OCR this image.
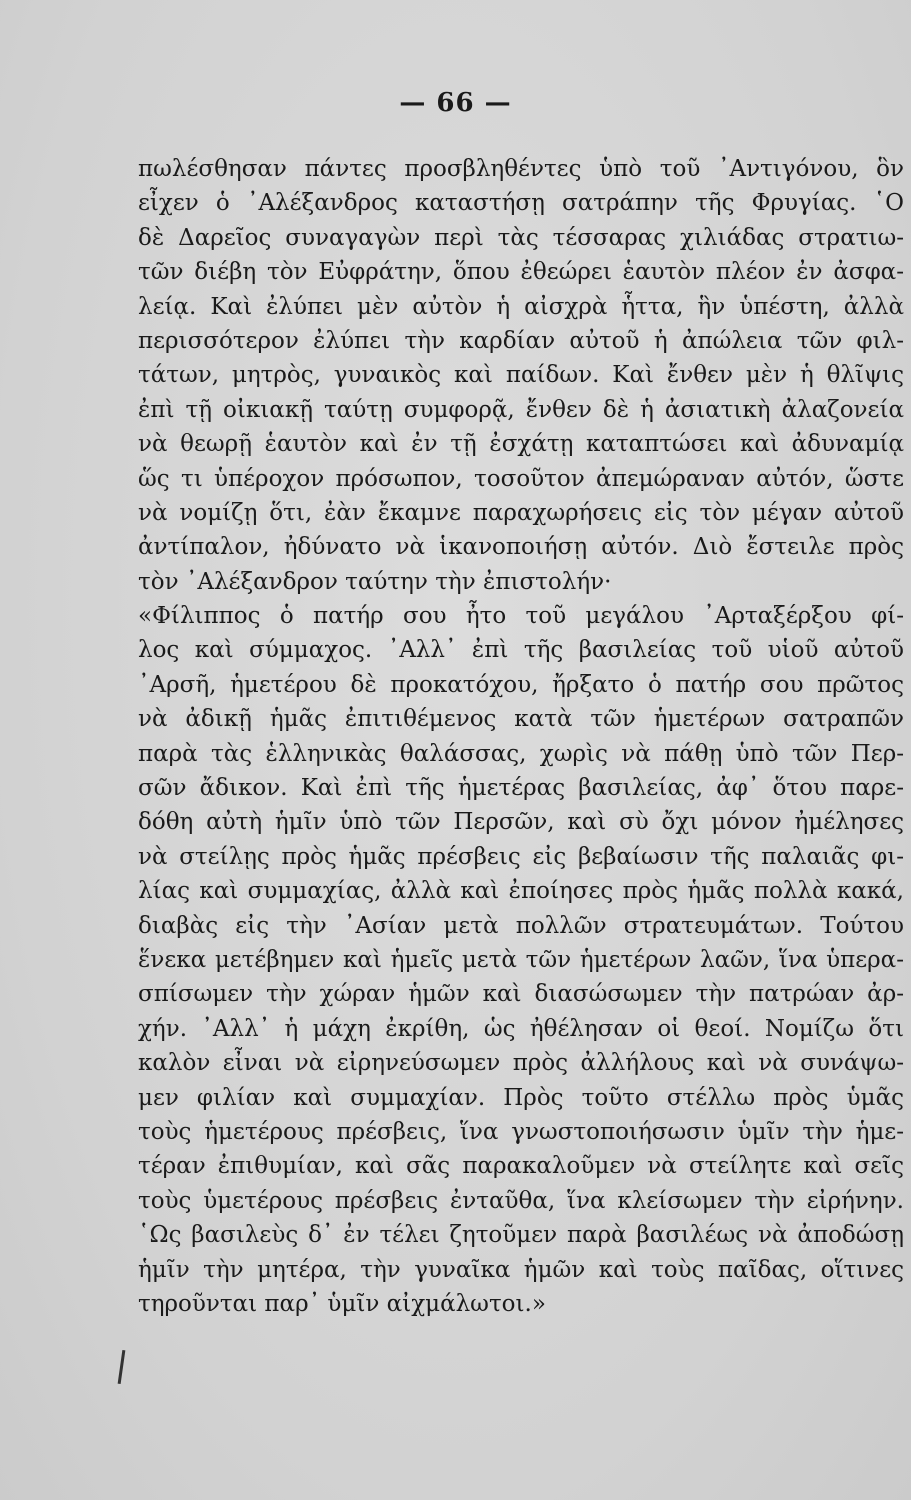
— 66 —
πωλέσθησαν πάντες προσβληθέντες ὑπὸ τοῦ ᾿Αντιγόνου, ὃν
εἶχεν ὁ ᾿Αλέξανδρος καταστήσῃ σατράπην τῆς Φρυγίας. ῾Ο
δὲ Δαρεῖος συναγαγὼν περὶ τὰς τέσσαρας χιλιάδας στρατιω-
τῶν διέβη τὸν Εὐφράτην, ὅπου ἐθεώρει ἑαυτὸν πλέον ἐν ἀσφα-
λείᾳ. Καὶ ἐλύπει μὲν αὐτὸν ἡ αἰσχρὰ ἧττα, ἣν ὑπέστη, ἀλλὰ
περισσότερον ἐλύπει τὴν καρδίαν αὐτοῦ ἡ ἀπώλεια τῶν φιλ-
τάτων, μητρὸς, γυναικὸς καὶ παίδων. Καὶ ἔνθεν μὲν ἡ θλῖψις
ἐπὶ τῇ οἰκιακῇ ταύτῃ συμφορᾷ, ἔνθεν δὲ ἡ ἀσιατικὴ ἀλαζονεία
νὰ θεωρῇ ἑαυτὸν καὶ ἐν τῇ ἐσχάτῃ καταπτώσει καὶ ἀδυναμίᾳ
ὥς τι ὑπέροχον πρόσωπον, τοσοῦτον ἀπεμώραναν αὐτόν, ὥστε
νὰ νομίζῃ ὅτι, ἐὰν ἔκαμνε παραχωρήσεις εἰς τὸν μέγαν αὐτοῦ
ἀντίπαλον, ἠδύνατο νὰ ἱκανοποιήσῃ αὐτόν. Διὸ ἔστειλε πρὸς
τὸν ᾿Αλέξανδρον ταύτην τὴν ἐπιστολήν·
«Φίλιππος ὁ πατήρ σου ἦτο τοῦ μεγάλου ᾿Αρταξέρξου φί-
λος καὶ σύμμαχος. ᾿Αλλ᾽ ἐπὶ τῆς βασιλείας τοῦ υἱοῦ αὐτοῦ
᾿Αρσῆ, ἡμετέρου δὲ προκατόχου, ἤρξατο ὁ πατήρ σου πρῶτος
νὰ ἀδικῇ ἡμᾶς ἐπιτιθέμενος κατὰ τῶν ἡμετέρων σατραπῶν
παρὰ τὰς ἑλληνικὰς θαλάσσας, χωρὶς νὰ πάθῃ ὑπὸ τῶν Περ-
σῶν ἄδικον. Καὶ ἐπὶ τῆς ἡμετέρας βασιλείας, ἀφ᾽ ὅτου παρε-
δόθη αὐτὴ ἡμῖν ὑπὸ τῶν Περσῶν, καὶ σὺ ὄχι μόνον ἠμέλησες
νὰ στείλῃς πρὸς ἡμᾶς πρέσβεις εἰς βεβαίωσιν τῆς παλαιᾶς φι-
λίας καὶ συμμαχίας, ἀλλὰ καὶ ἐποίησες πρὸς ἡμᾶς πολλὰ κακά,
διαβὰς εἰς τὴν ᾿Ασίαν μετὰ πολλῶν στρατευμάτων. Τούτου
ἕνεκα μετέβημεν καὶ ἡμεῖς μετὰ τῶν ἡμετέρων λαῶν, ἵνα ὑπερα-
σπίσωμεν τὴν χώραν ἡμῶν καὶ διασώσωμεν τὴν πατρώαν ἀρ-
χήν. ᾿Αλλ᾽ ἡ μάχη ἐκρίθη, ὡς ἠθέλησαν οἱ θεοί. Νομίζω ὅτι
καλὸν εἶναι νὰ εἰρηνεύσωμεν πρὸς ἀλλήλους καὶ νὰ συνάψω-
μεν φιλίαν καὶ συμμαχίαν. Πρὸς τοῦτο στέλλω πρὸς ὑμᾶς
τοὺς ἡμετέρους πρέσβεις, ἵνα γνωστοποιήσωσιν ὑμῖν τὴν ἡμε-
τέραν ἐπιθυμίαν, καὶ σᾶς παρακαλοῦμεν νὰ στείλητε καὶ σεῖς
τοὺς ὑμετέρους πρέσβεις ἐνταῦθα, ἵνα κλείσωμεν τὴν εἰρήνην.
῾Ως βασιλεὺς δ᾽ ἐν τέλει ζητοῦμεν παρὰ βασιλέως νὰ ἀποδώσῃ
ἡμῖν τὴν μητέρα, τὴν γυναῖκα ἡμῶν καὶ τοὺς παῖδας, οἵτινες
τηροῦνται παρ᾽ ὑμῖν αἰχμάλωτοι.»
